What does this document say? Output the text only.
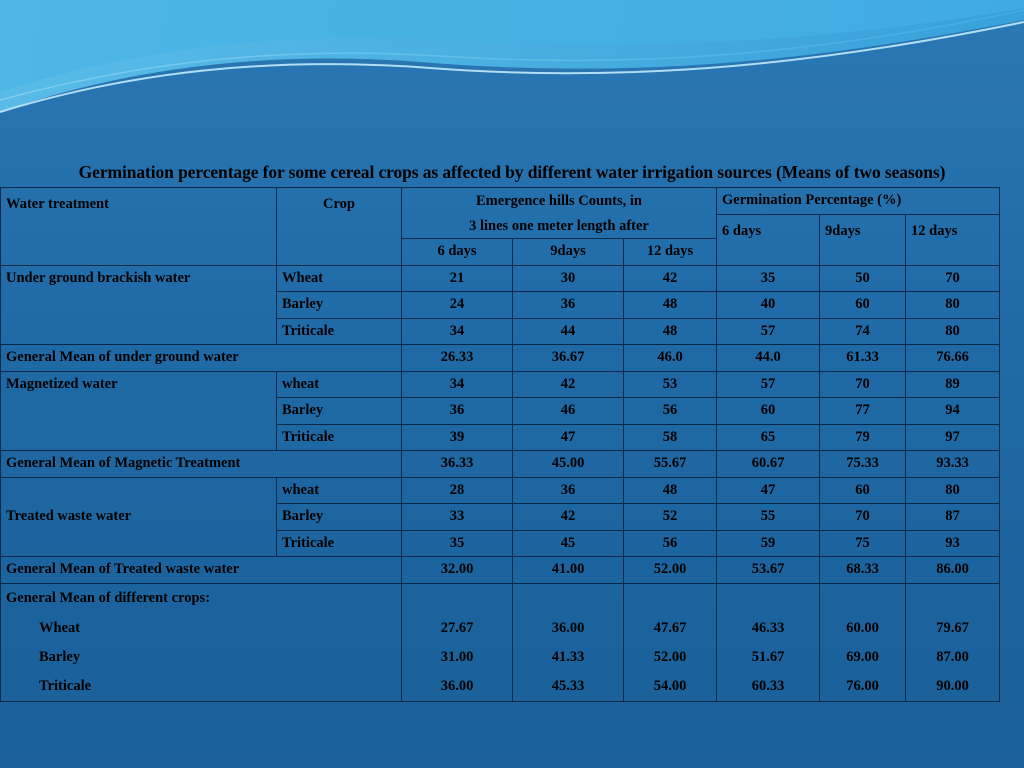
Germination percentage for some cereal crops as affected by different water irrigation sources (Means of two seasons)
Water treatment	Crop	Emergence hills Counts, in			Germination Percentage (%)		
		3 lines one meter length after			6 days	9days	12 days
		6 days	9days	12 days			
Under ground brackish water	Wheat	21	30	42	35	50	70
	Barley	24	36	48	40	60	80
	Triticale	34	44	48	57	74	80
General Mean of under ground water		26.33	36.67	46.0	44.0	61.33	76.66
Magnetized water	wheat	34	42	53	57	70	89
	Barley	36	46	56	60	77	94
	Triticale	39	47	58	65	79	97
General Mean of Magnetic Treatment		36.33	45.00	55.67	60.67	75.33	93.33
Treated waste water	wheat	28	36	48	47	60	80
	Barley	33	42	52	55	70	87
	Triticale	35	45	56	59	75	93
General Mean of Treated waste water		32.00	41.00	52.00	53.67	68.33	86.00
General Mean of different crops:							
Wheat		27.67	36.00	47.67	46.33	60.00	79.67
Barley		31.00	41.33	52.00	51.67	69.00	87.00
Triticale		36.00	45.33	54.00	60.33	76.00	90.00
